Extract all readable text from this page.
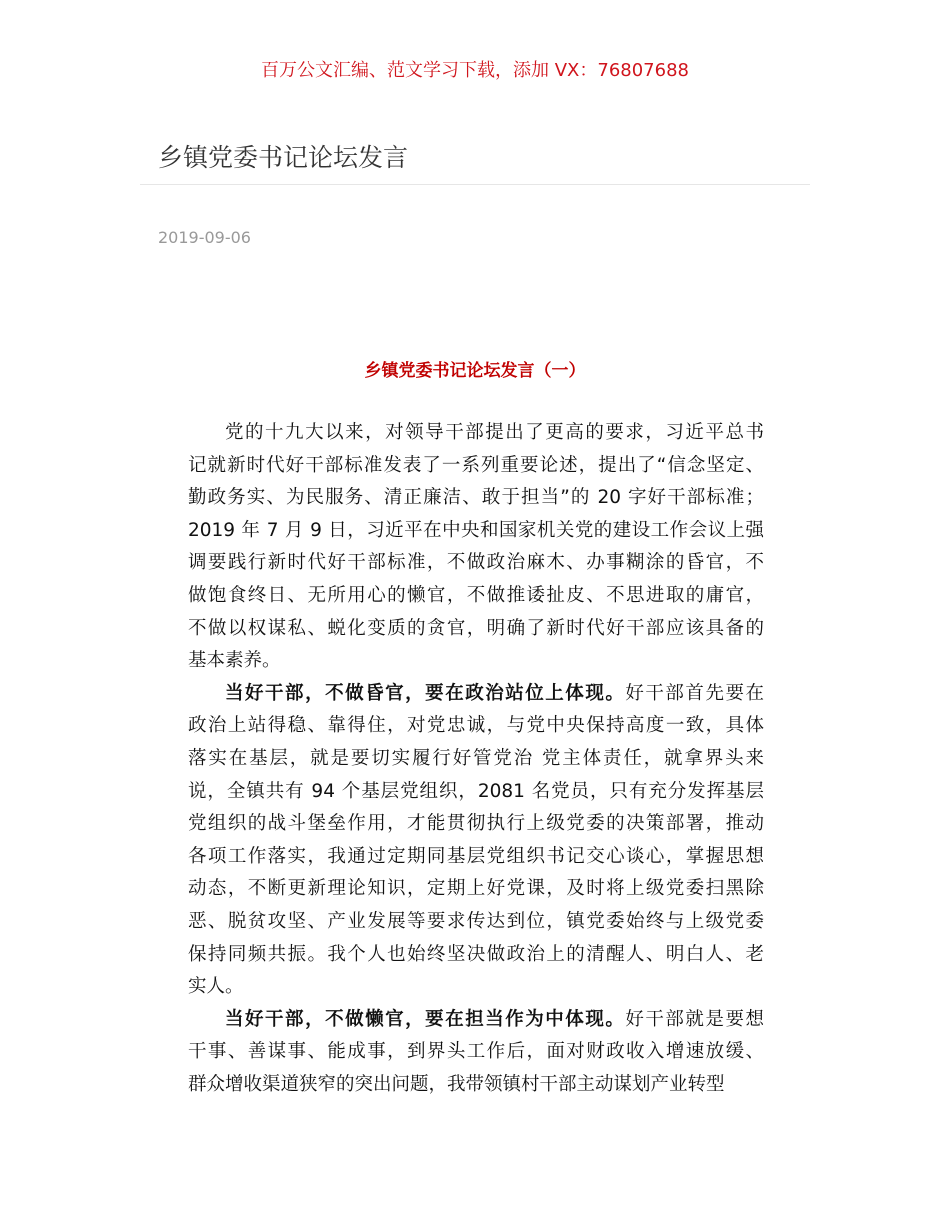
百万公文汇编、范文学习下载，添加 VX：76807688
乡镇党委书记论坛发言
2019-09-06
乡镇党委书记论坛发言（一）
党的十九大以来，对领导干部提出了更高的要求，习近平总书
记就新时代好干部标准发表了一系列重要论述，提出了“信念坚定、
勤政务实、为民服务、清正廉洁、敢于担当”的 20 字好干部标准；
2019 年 7 月 9 日，习近平在中央和国家机关党的建设工作会议上强
调要践行新时代好干部标准，不做政治麻木、办事糊涂的昏官，不
做饱食终日、无所用心的懒官，不做推诿扯皮、不思进取的庸官，
不做以权谋私、蜕化变质的贪官，明确了新时代好干部应该具备的
基本素养。
当好干部，不做昏官，要在政治站位上体现。好干部首先要在
政治上站得稳、靠得住，对党忠诚，与党中央保持高度一致，具体
落实在基层，就是要切实履行好管党治 党主体责任，就拿界头来
说，全镇共有 94 个基层党组织，2081 名党员，只有充分发挥基层
党组织的战斗堡垒作用，才能贯彻执行上级党委的决策部署，推动
各项工作落实，我通过定期同基层党组织书记交心谈心，掌握思想
动态，不断更新理论知识，定期上好党课，及时将上级党委扫黑除
恶、脱贫攻坚、产业发展等要求传达到位，镇党委始终与上级党委
保持同频共振。我个人也始终坚决做政治上的清醒人、明白人、老
实人。
当好干部，不做懒官，要在担当作为中体现。好干部就是要想
干事、善谋事、能成事，到界头工作后，面对财政收入增速放缓、
群众增收渠道狭窄的突出问题，我带领镇村干部主动谋划产业转型
